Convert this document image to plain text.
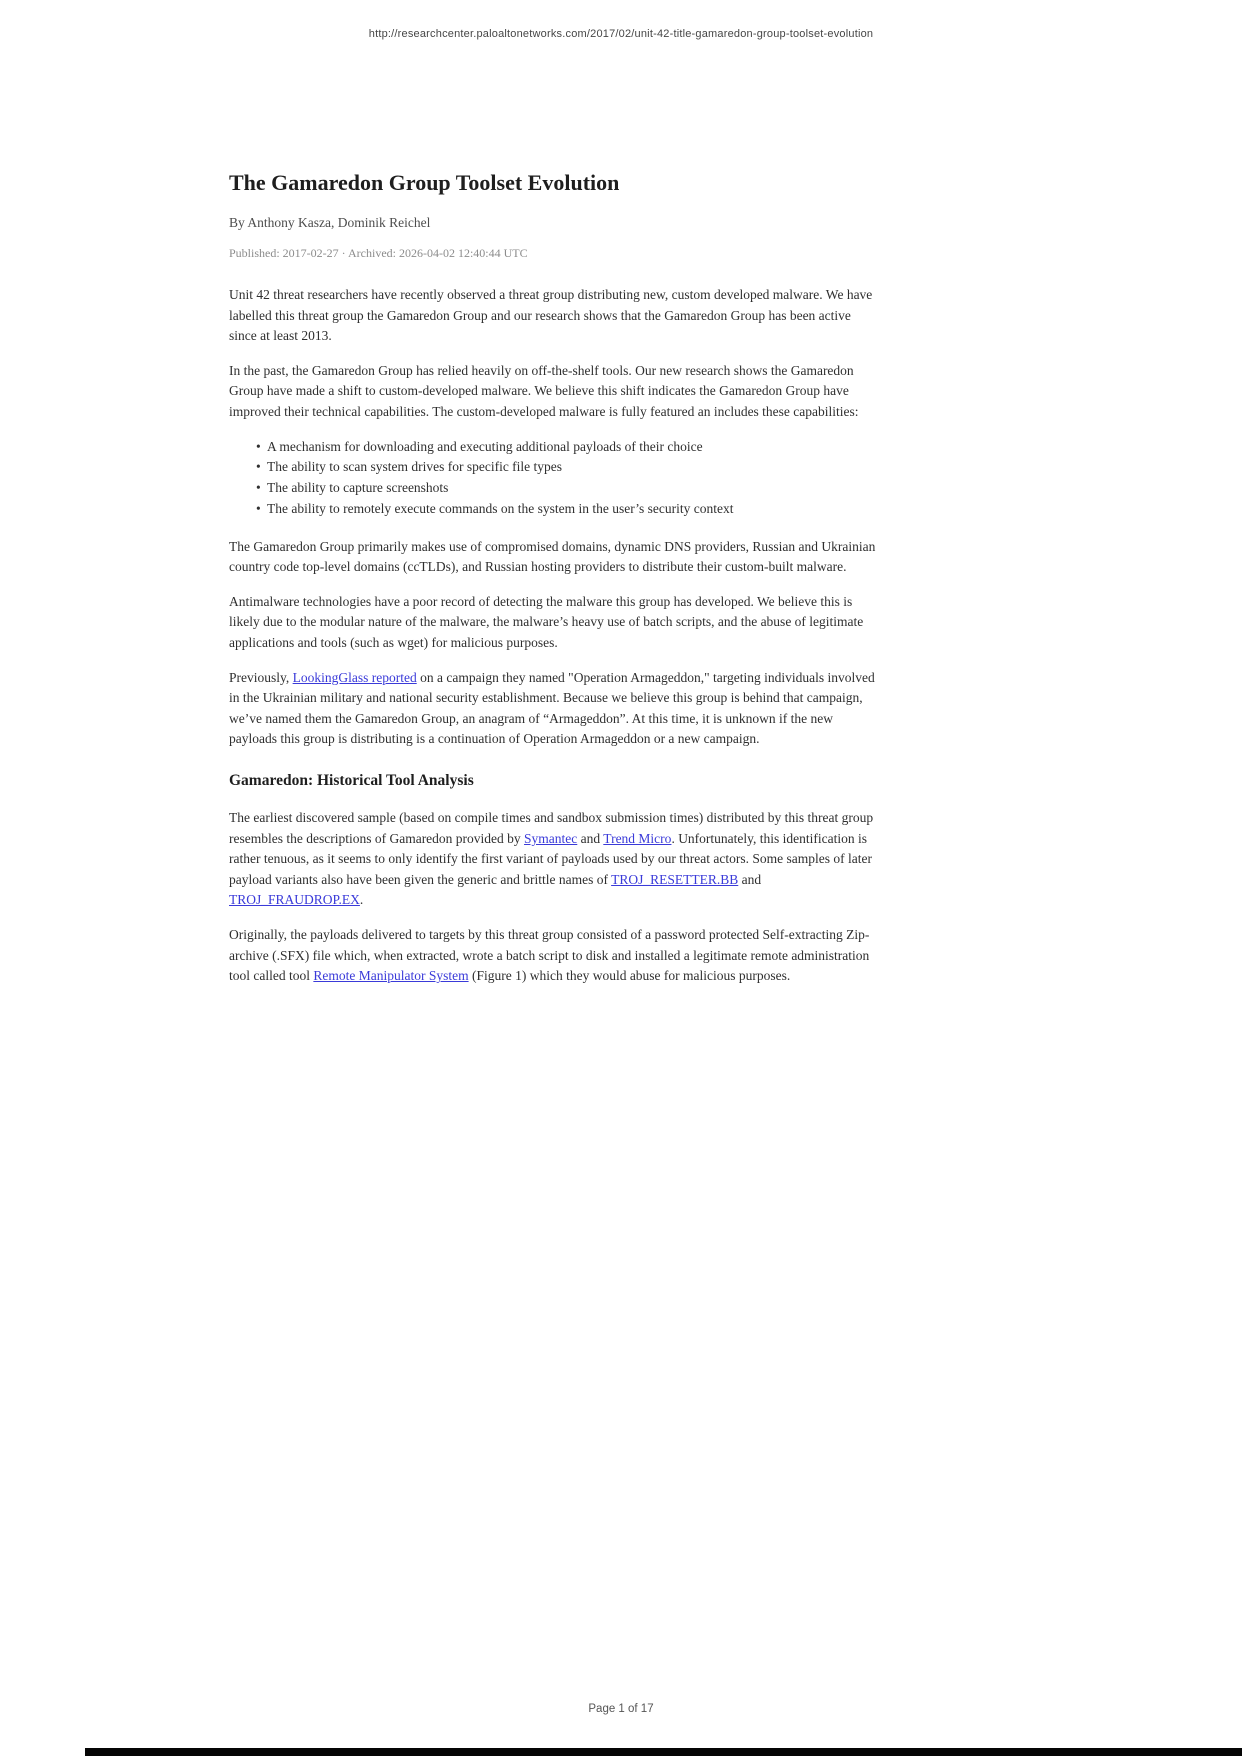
http://researchcenter.paloaltonetworks.com/2017/02/unit-42-title-gamaredon-group-toolset-evolution
The Gamaredon Group Toolset Evolution
By Anthony Kasza, Dominik Reichel
Published: 2017-02-27 · Archived: 2026-04-02 12:40:44 UTC

Unit 42 threat researchers have recently observed a threat group distributing new, custom developed malware. We have labelled this threat group the Gamaredon Group and our research shows that the Gamaredon Group has been active since at least 2013.

In the past, the Gamaredon Group has relied heavily on off-the-shelf tools. Our new research shows the Gamaredon Group have made a shift to custom-developed malware. We believe this shift indicates the Gamaredon Group have improved their technical capabilities. The custom-developed malware is fully featured an includes these capabilities:

• A mechanism for downloading and executing additional payloads of their choice
• The ability to scan system drives for specific file types
• The ability to capture screenshots
• The ability to remotely execute commands on the system in the user’s security context

The Gamaredon Group primarily makes use of compromised domains, dynamic DNS providers, Russian and Ukrainian country code top-level domains (ccTLDs), and Russian hosting providers to distribute their custom-built malware.

Antimalware technologies have a poor record of detecting the malware this group has developed. We believe this is likely due to the modular nature of the malware, the malware’s heavy use of batch scripts, and the abuse of legitimate applications and tools (such as wget) for malicious purposes.

Previously, LookingGlass reported on a campaign they named "Operation Armageddon," targeting individuals involved in the Ukrainian military and national security establishment. Because we believe this group is behind that campaign, we’ve named them the Gamaredon Group, an anagram of “Armageddon”. At this time, it is unknown if the new payloads this group is distributing is a continuation of Operation Armageddon or a new campaign.

Gamaredon: Historical Tool Analysis

The earliest discovered sample (based on compile times and sandbox submission times) distributed by this threat group resembles the descriptions of Gamaredon provided by Symantec and Trend Micro. Unfortunately, this identification is rather tenuous, as it seems to only identify the first variant of payloads used by our threat actors. Some samples of later payload variants also have been given the generic and brittle names of TROJ_RESETTER.BB and TROJ_FRAUDROP.EX.

Originally, the payloads delivered to targets by this threat group consisted of a password protected Self-extracting Zip-archive (.SFX) file which, when extracted, wrote a batch script to disk and installed a legitimate remote administration tool called tool Remote Manipulator System (Figure 1) which they would abuse for malicious purposes.

Page 1 of 17
